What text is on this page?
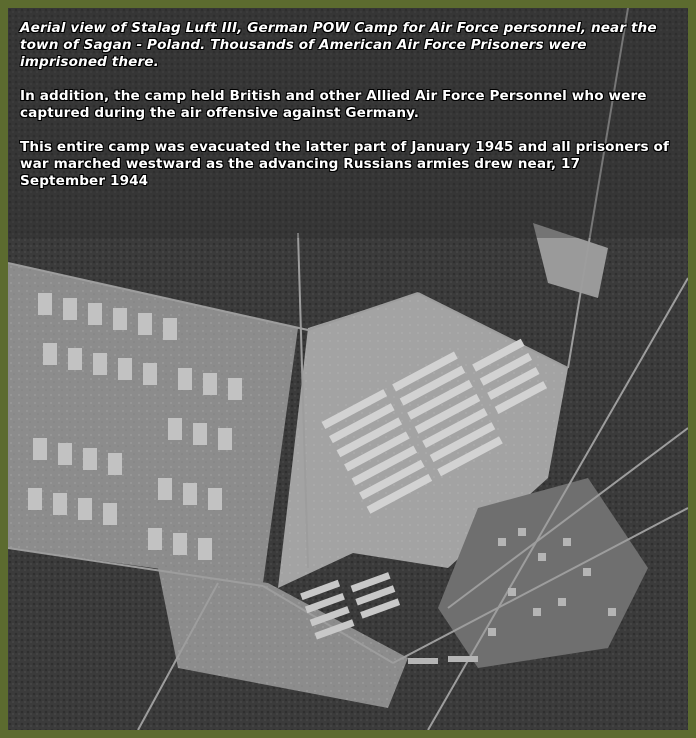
Aerial view of Stalag Luft III, German POW Camp for Air Force personnel, near the town of Sagan - Poland. Thousands of American Air Force Prisoners were imprisoned there.

In addition, the camp held British and other Allied Air Force Personnel who were captured during the air offensive against Germany.

This entire camp was evacuated the latter part of January 1945 and all prisoners of war marched westward as the advancing Russians armies drew near, 17 September 1944
